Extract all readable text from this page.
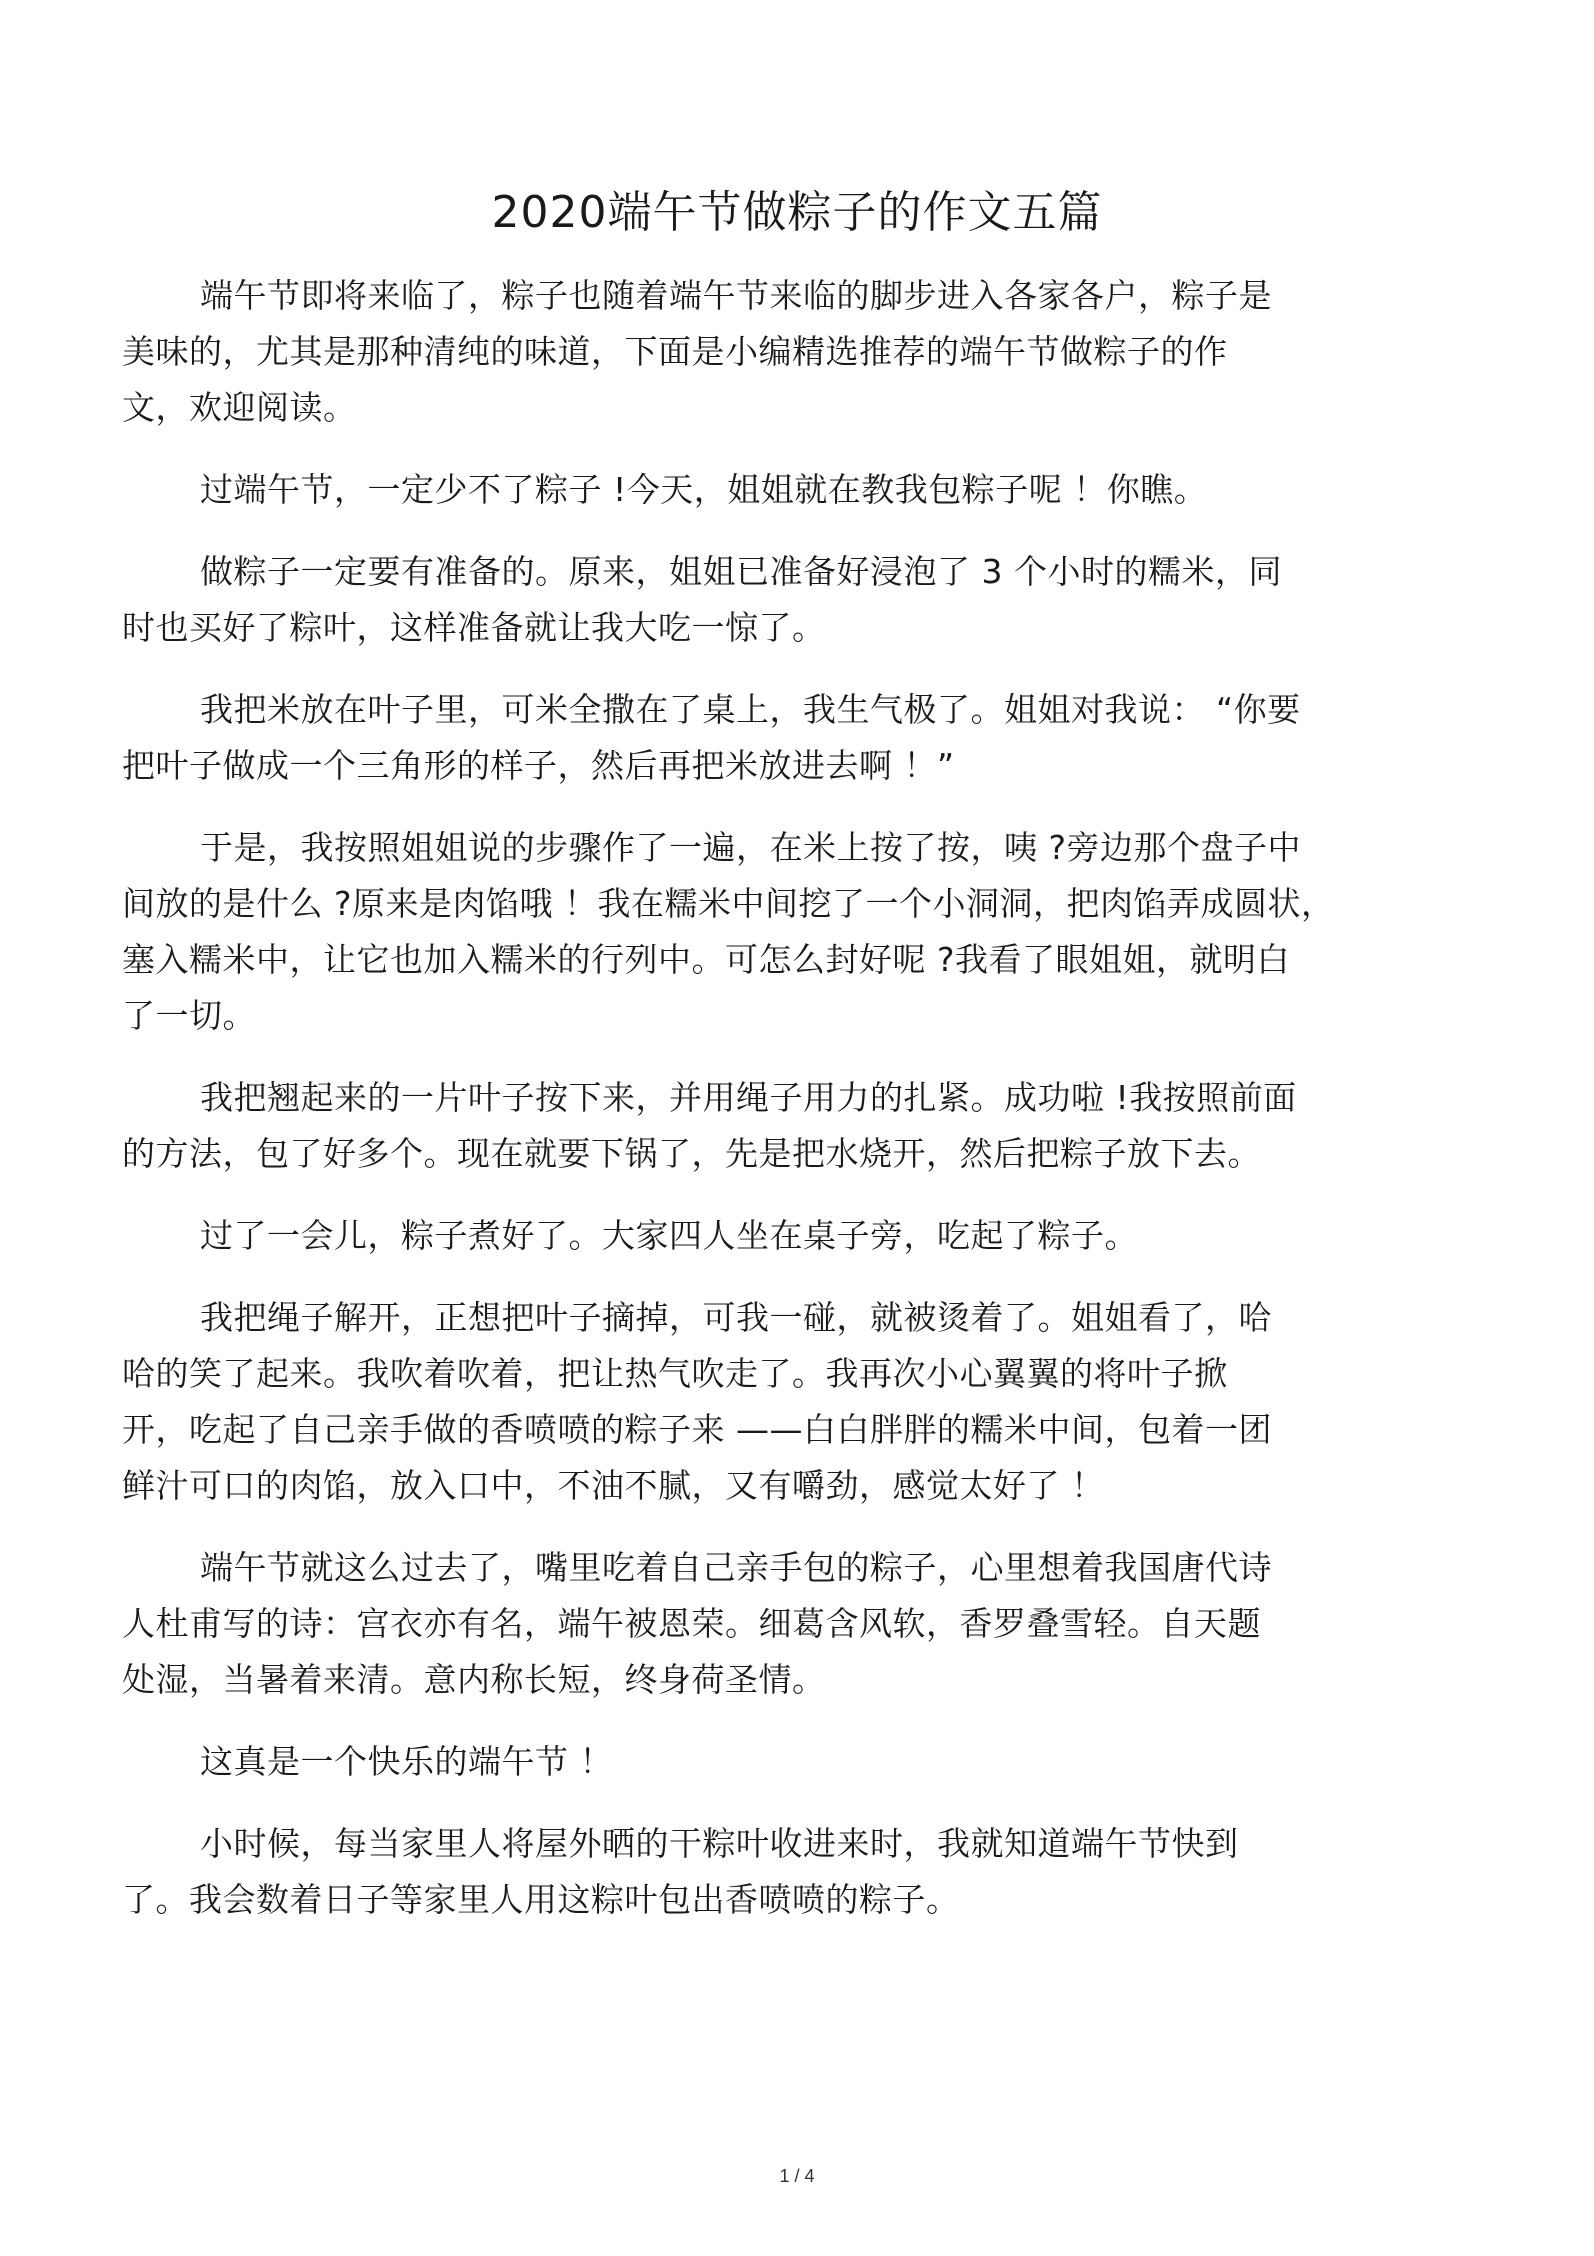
2020端午节做粽子的作文五篇
端午节即将来临了，粽子也随着端午节来临的脚步进入各家各户，粽子是
美味的，尤其是那种清纯的味道，下面是小编精选推荐的端午节做粽子的作
文，欢迎阅读。
过端午节，一定少不了粽子 !今天，姐姐就在教我包粽子呢 ！你瞧。
做粽子一定要有准备的。原来，姐姐已准备好浸泡了 3 个小时的糯米，同
时也买好了粽叶，这样准备就让我大吃一惊了。
我把米放在叶子里，可米全撒在了桌上，我生气极了。姐姐对我说： “你要
把叶子做成一个三角形的样子，然后再把米放进去啊 ！”
于是，我按照姐姐说的步骤作了一遍，在米上按了按，咦 ?旁边那个盘子中
间放的是什么 ?原来是肉馅哦 ！我在糯米中间挖了一个小洞洞，把肉馅弄成圆状，
塞入糯米中，让它也加入糯米的行列中。可怎么封好呢 ?我看了眼姐姐，就明白
了一切。
我把翘起来的一片叶子按下来，并用绳子用力的扎紧。成功啦 !我按照前面
的方法，包了好多个。现在就要下锅了，先是把水烧开，然后把粽子放下去。
过了一会儿，粽子煮好了。大家四人坐在桌子旁，吃起了粽子。
我把绳子解开，正想把叶子摘掉，可我一碰，就被烫着了。姐姐看了，哈
哈的笑了起来。我吹着吹着，把让热气吹走了。我再次小心翼翼的将叶子掀
开，吃起了自己亲手做的香喷喷的粽子来 ——白白胖胖的糯米中间，包着一团
鲜汁可口的肉馅，放入口中，不油不腻，又有嚼劲，感觉太好了 ！
端午节就这么过去了，嘴里吃着自己亲手包的粽子，心里想着我国唐代诗
人杜甫写的诗：宫衣亦有名，端午被恩荣。细葛含风软，香罗叠雪轻。自天题
处湿，当暑着来清。意内称长短，终身荷圣情。
这真是一个快乐的端午节 ！
小时候，每当家里人将屋外晒的干粽叶收进来时，我就知道端午节快到
了。我会数着日子等家里人用这粽叶包出香喷喷的粽子。
1 / 4
